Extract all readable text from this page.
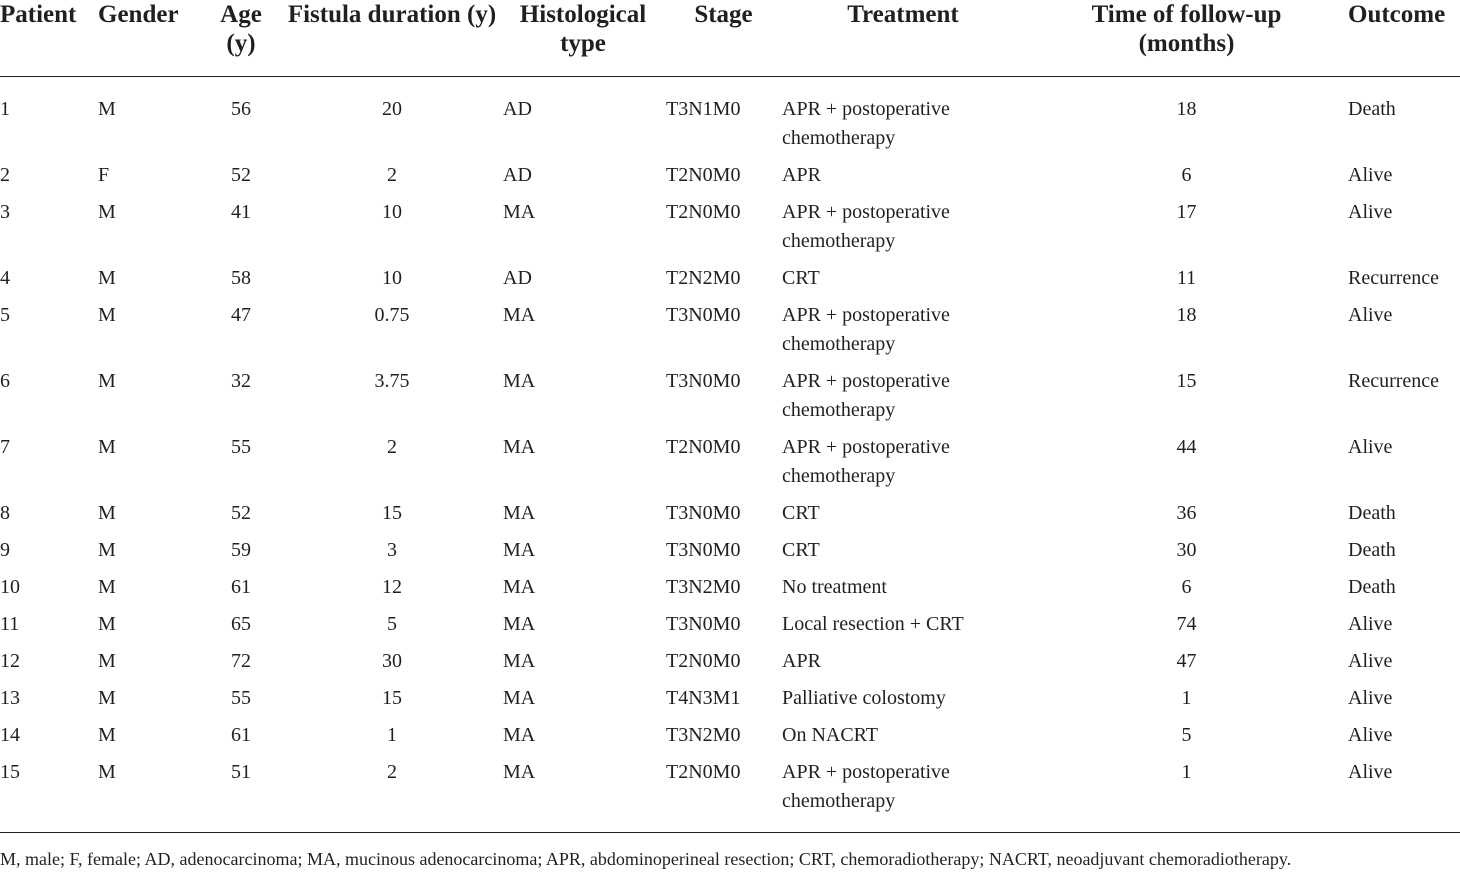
Patient	Gender	Age (y)	Fistula duration (y)	Histological type	Stage	Treatment	Time of follow-up (months)	Outcome
1	M	56	20	AD	T3N1M0	APR + postoperative chemotherapy	18	Death
2	F	52	2	AD	T2N0M0	APR	6	Alive
3	M	41	10	MA	T2N0M0	APR + postoperative chemotherapy	17	Alive
4	M	58	10	AD	T2N2M0	CRT	11	Recurrence
5	M	47	0.75	MA	T3N0M0	APR + postoperative chemotherapy	18	Alive
6	M	32	3.75	MA	T3N0M0	APR + postoperative chemotherapy	15	Recurrence
7	M	55	2	MA	T2N0M0	APR + postoperative chemotherapy	44	Alive
8	M	52	15	MA	T3N0M0	CRT	36	Death
9	M	59	3	MA	T3N0M0	CRT	30	Death
10	M	61	12	MA	T3N2M0	No treatment	6	Death
11	M	65	5	MA	T3N0M0	Local resection + CRT	74	Alive
12	M	72	30	MA	T2N0M0	APR	47	Alive
13	M	55	15	MA	T4N3M1	Palliative colostomy	1	Alive
14	M	61	1	MA	T3N2M0	On NACRT	5	Alive
15	M	51	2	MA	T2N0M0	APR + postoperative chemotherapy	1	Alive
M, male; F, female; AD, adenocarcinoma; MA, mucinous adenocarcinoma; APR, abdominoperineal resection; CRT, chemoradiotherapy; NACRT, neoadjuvant chemoradiotherapy.
